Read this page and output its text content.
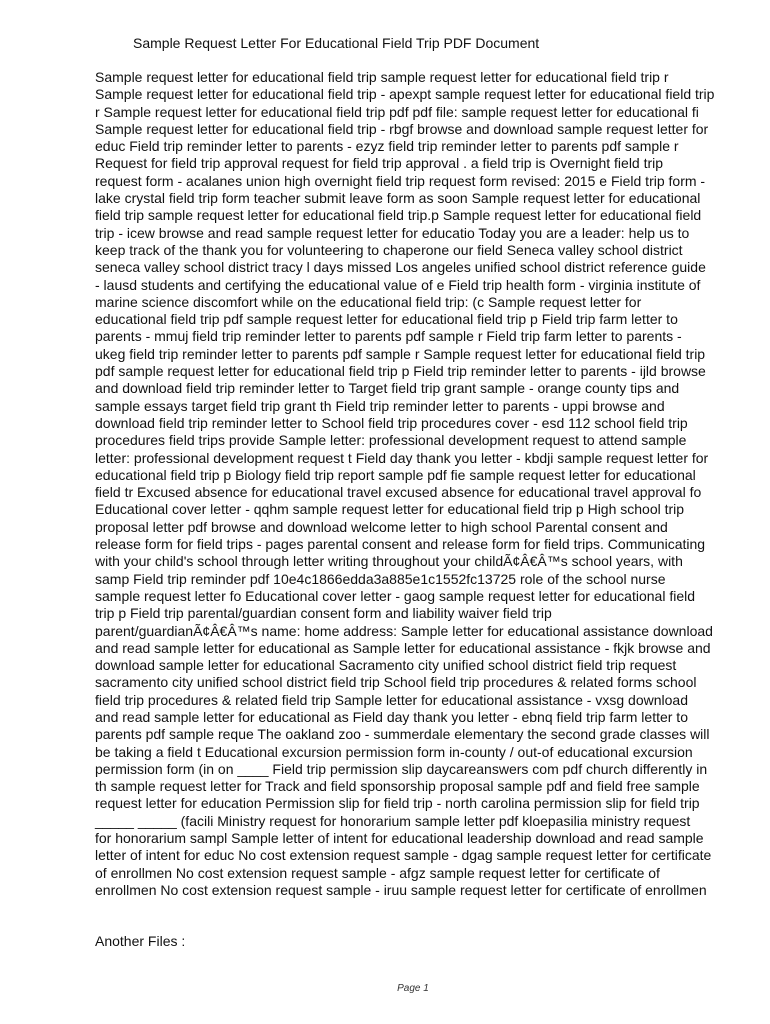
Sample Request Letter For Educational Field Trip PDF Document
Sample request letter for educational field trip sample request letter for educational field trip r
Sample request letter for educational field trip - apexpt sample request letter for educational field trip
r Sample request letter for educational field trip pdf pdf file: sample request letter for educational fi
Sample request letter for educational field trip - rbgf browse and download sample request letter for
educ Field trip reminder letter to parents - ezyz field trip reminder letter to parents pdf sample r
Request for field trip approval request for field trip approval . a field trip is Overnight field trip
request form - acalanes union high overnight field trip request form revised: 2015 e Field trip form -
lake crystal field trip form teacher submit leave form as soon Sample request letter for educational
field trip sample request letter for educational field trip.p Sample request letter for educational field
trip - icew browse and read sample request letter for educatio Today you are a leader: help us to
keep track of the thank you for volunteering to chaperone our field Seneca valley school district
seneca valley school district tracy l days missed Los angeles unified school district reference guide
- lausd students and certifying the educational value of e Field trip health form - virginia institute of
marine science discomfort while on the educational field trip: (c Sample request letter for
educational field trip pdf sample request letter for educational field trip p Field trip farm letter to
parents - mmuj field trip reminder letter to parents pdf sample r Field trip farm letter to parents -
ukeg field trip reminder letter to parents pdf sample r Sample request letter for educational field trip
pdf sample request letter for educational field trip p Field trip reminder letter to parents - ijld browse
and download field trip reminder letter to Target field trip grant sample - orange county tips and
sample essays target field trip grant th Field trip reminder letter to parents - uppi browse and
download field trip reminder letter to School field trip procedures cover - esd 112 school field trip
procedures field trips provide Sample letter: professional development request to attend sample
letter: professional development request t Field day thank you letter - kbdji sample request letter for
educational field trip p Biology field trip report sample pdf fie sample request letter for educational
field tr Excused absence for educational travel excused absence for educational travel approval fo
Educational cover letter - qqhm sample request letter for educational field trip p High school trip
proposal letter pdf browse and download welcome letter to high school Parental consent and
release form for field trips - pages parental consent and release form for field trips. Communicating
with your child's school through letter writing throughout your childÃ¢Â€Â™s school years, with
samp Field trip reminder pdf 10e4c1866edda3a885e1c1552fc13725 role of the school nurse
sample request letter fo Educational cover letter - gaog sample request letter for educational field
trip p Field trip parental/guardian consent form and liability waiver field trip
parent/guardianÃ¢Â€Â™s name: home address: Sample letter for educational assistance download
and read sample letter for educational as Sample letter for educational assistance - fkjk browse and
download sample letter for educational Sacramento city unified school district field trip request
sacramento city unified school district field trip School field trip procedures & related forms school
field trip procedures & related field trip Sample letter for educational assistance - vxsg download
and read sample letter for educational as Field day thank you letter - ebnq field trip farm letter to
parents pdf sample reque The oakland zoo - summerdale elementary the second grade classes will
be taking a field t Educational excursion permission form in-county / out-of educational excursion
permission form (in on ____ Field trip permission slip daycareanswers com pdf church differently in
th sample request letter for Track and field sponsorship proposal sample pdf and field free sample
request letter for education Permission slip for field trip - north carolina permission slip for field trip
_____ _____ (facili Ministry request for honorarium sample letter pdf kloepasilia ministry request
for honorarium sampl Sample letter of intent for educational leadership download and read sample
letter of intent for educ No cost extension request sample - dgag sample request letter for certificate
of enrollmen No cost extension request sample - afgz sample request letter for certificate of
enrollmen No cost extension request sample - iruu sample request letter for certificate of enrollmen
Another Files :
Page 1
